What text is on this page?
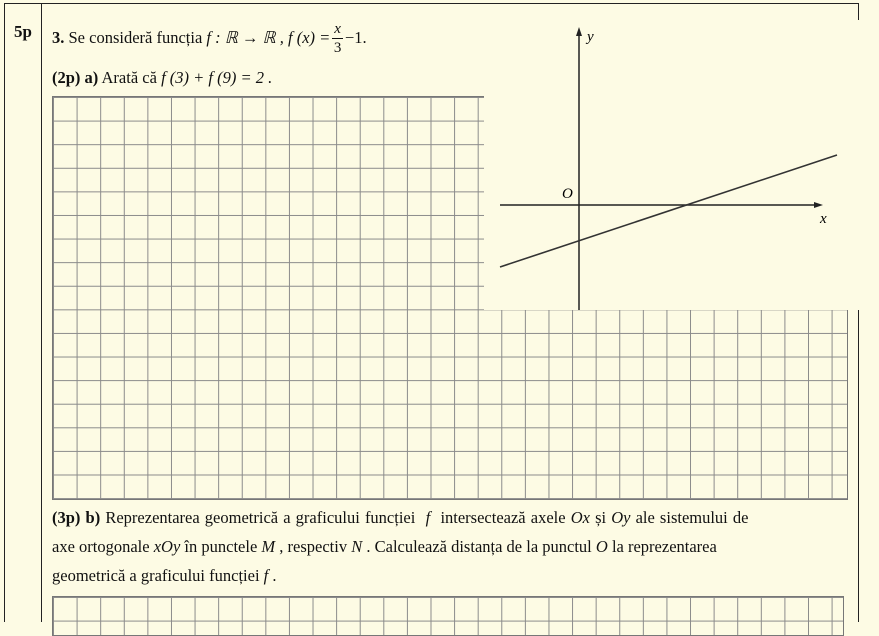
5p 3. Se consideră funcția f : ℝ → ℝ , f $(x) = \frac{x}{3} -1$.
(2p) a) Arată că f (3) + f (9) = 2 .
y
x
O
(3p) b) Reprezentarea geometrică a graficului funcției f intersectează axele Ox și Oy ale sistemului de
axe ortogonale xOy în punctele M , respectiv N . Calculează distanța de la punctul O la reprezentarea
geometrică a graficului funcției f .
